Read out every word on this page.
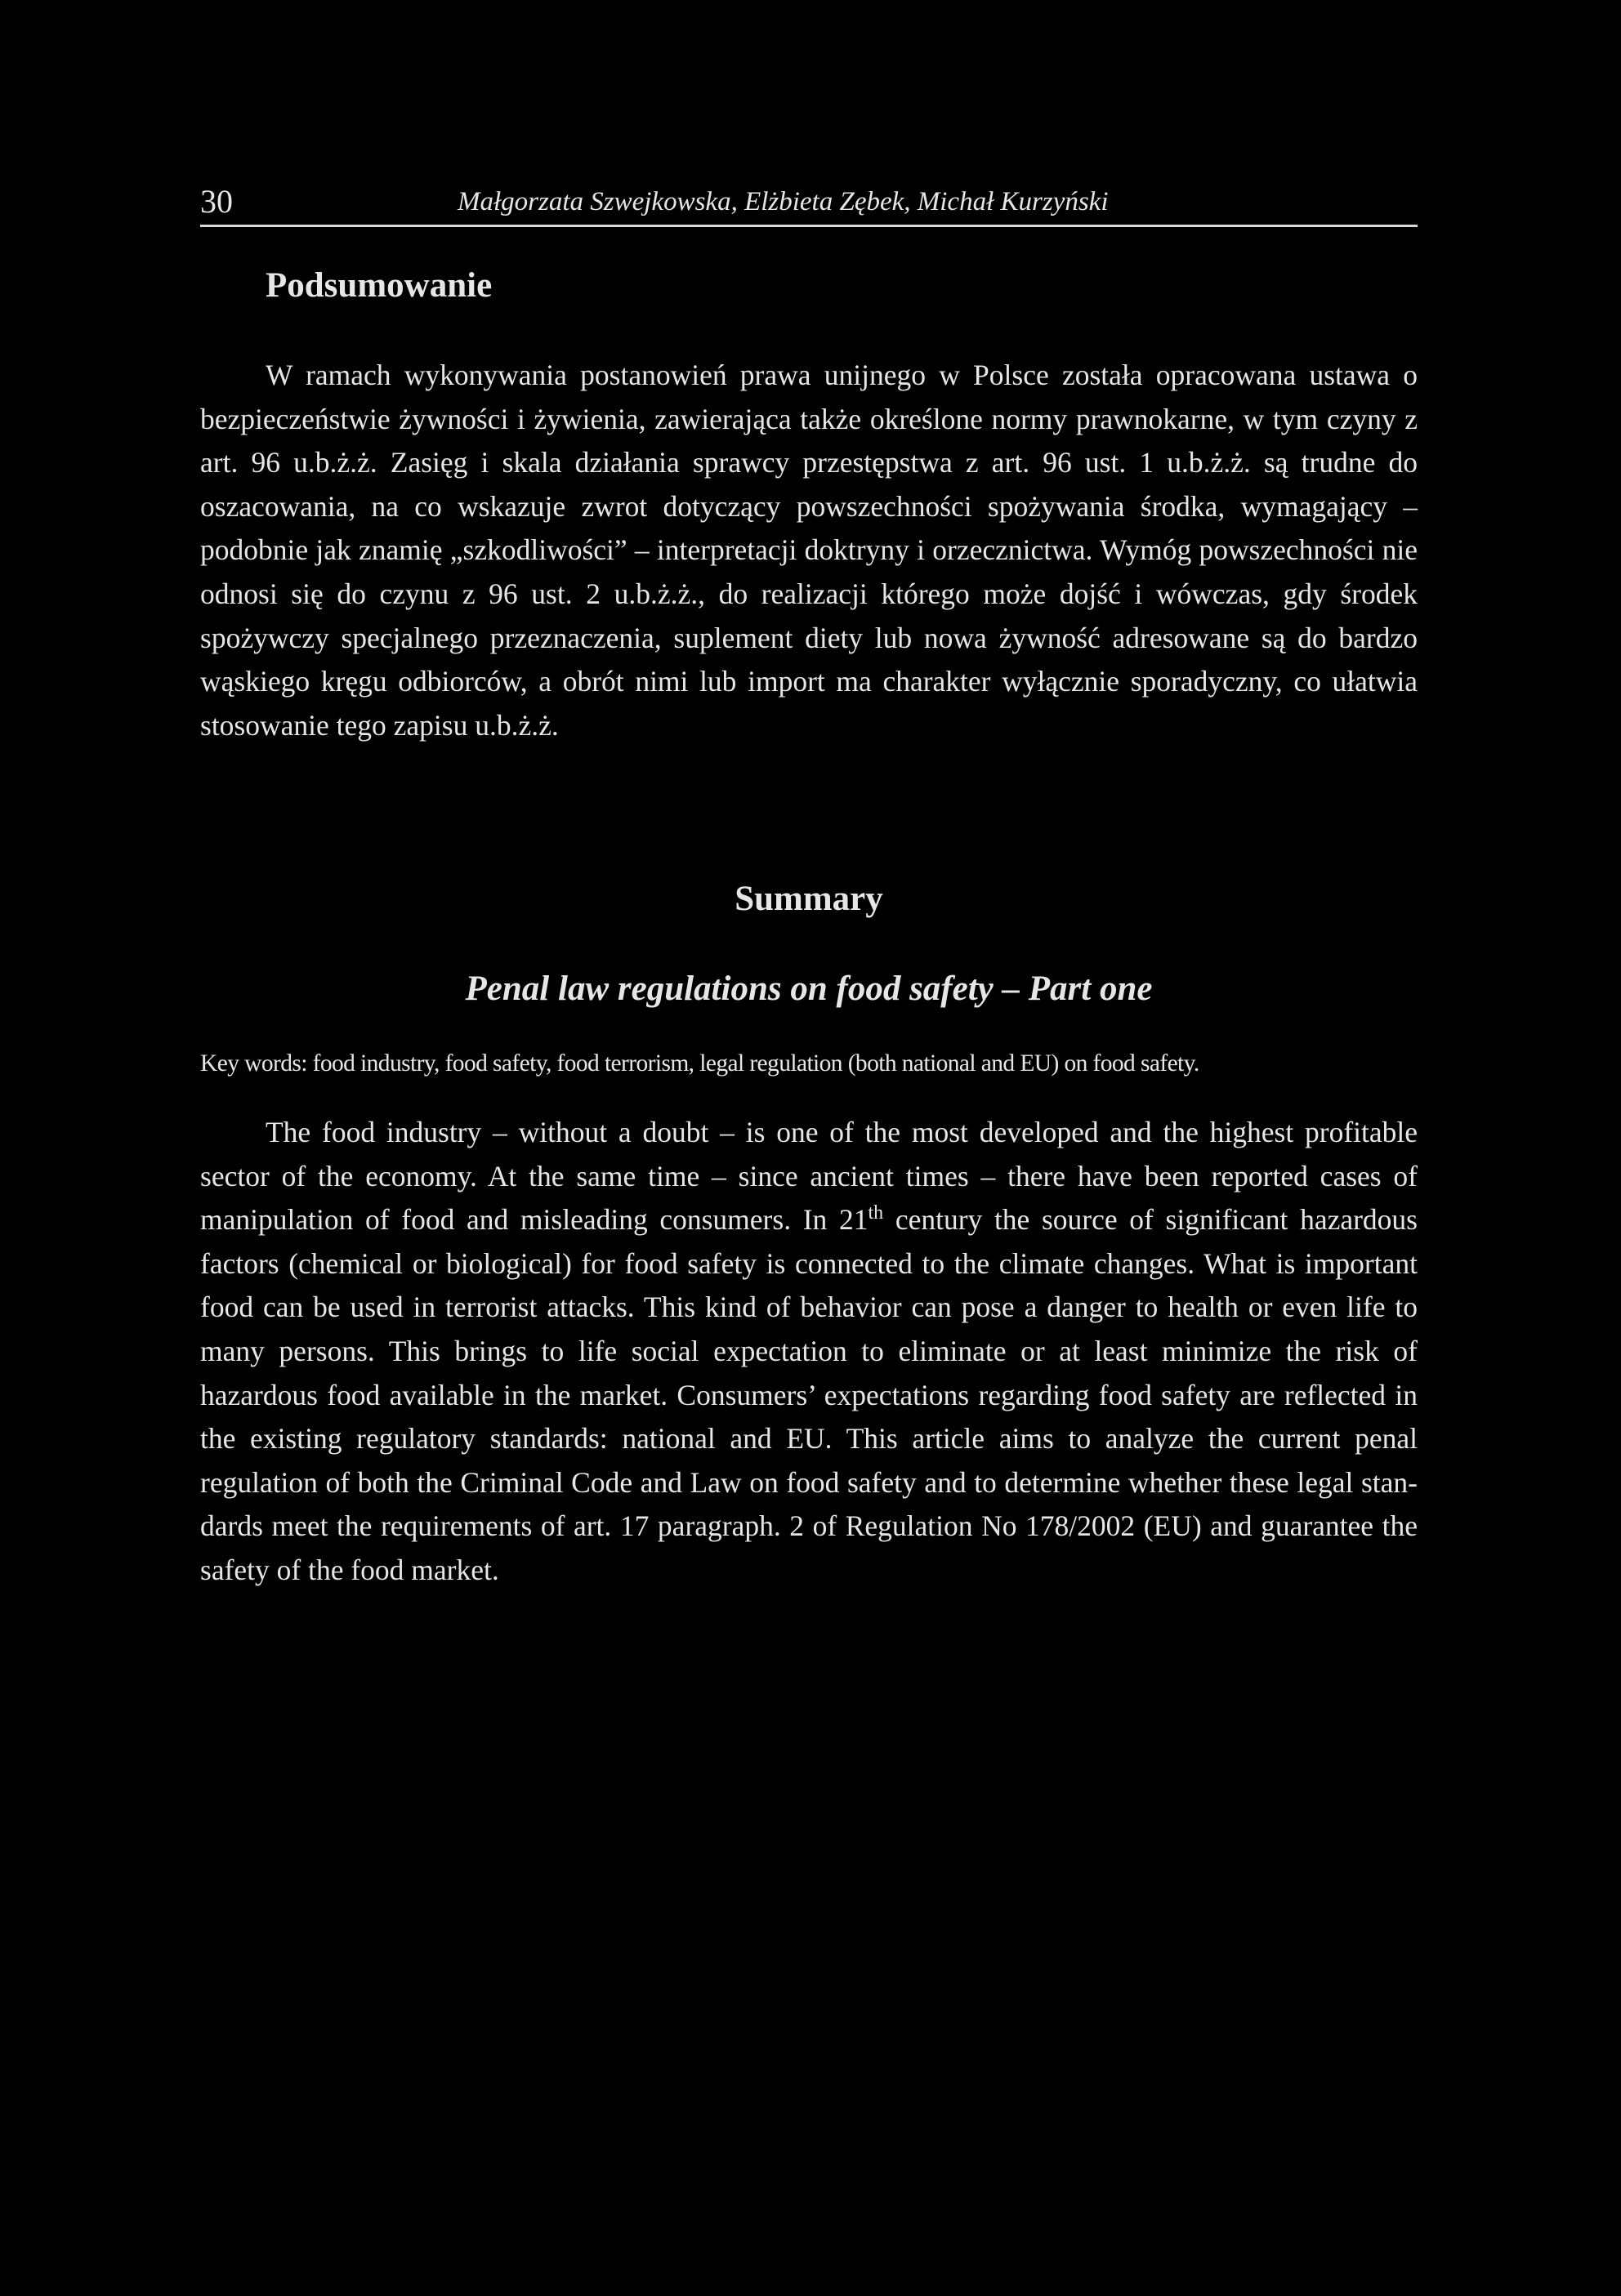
30	Małgorzata Szwejkowska, Elżbieta Zębek, Michał Kurzyński
Podsumowanie

W ramach wykonywania postanowień prawa unijnego w Polsce została opracowana ustawa o bezpieczeństwie żywności i żywienia, zawierająca także określone normy prawnokarne, w tym czyny z art. 96 u.b.ż.ż. Zasięg i skala działania sprawcy przestępstwa z art. 96 ust. 1 u.b.ż.ż. są trudne do oszacowania, na co wskazuje zwrot dotyczący powszechności spożywania środka, wymagający – podobnie jak znamię „szkodliwości” – interpretacji doktryny i orzecznictwa. Wymóg powszechności nie odnosi się do czynu z 96 ust. 2 u.b.ż.ż., do realizacji którego może dojść i wówczas, gdy środek spożywczy specjalnego przeznaczenia, suplement diety lub nowa żywność adresowane są do bardzo wąskiego kręgu odbiorców, a obrót nimi lub import ma charakter wyłącznie sporadyczny, co ułatwia stosowanie tego zapisu u.b.ż.ż.

Summary
Penal law regulations on food safety – Part one

Key words: food industry, food safety, food terrorism, legal regulation (both national and EU) on food safety.

The food industry – without a doubt – is one of the most developed and the highest profitable sector of the economy. At the same time – since ancient times – there have been reported cases of manipulation of food and misleading consumers. In 21th century the source of significant hazardous factors (chemical or biological) for food safety is connected to the climate changes. What is important food can be used in terrorist attacks. This kind of behavior can pose a danger to health or even life to many persons. This brings to life social expectation to eliminate or at least minimize the risk of hazardous food available in the market. Consumers’ expectations regarding food safety are reflected in the existing regulatory standards: national and EU. This article aims to analyze the current penal regulation of both the Criminal Code and Law on food safety and to determine whether these legal standards meet the requirements of art. 17 paragraph. 2 of Regulation No 178/2002 (EU) and guarantee the safety of the food market.
